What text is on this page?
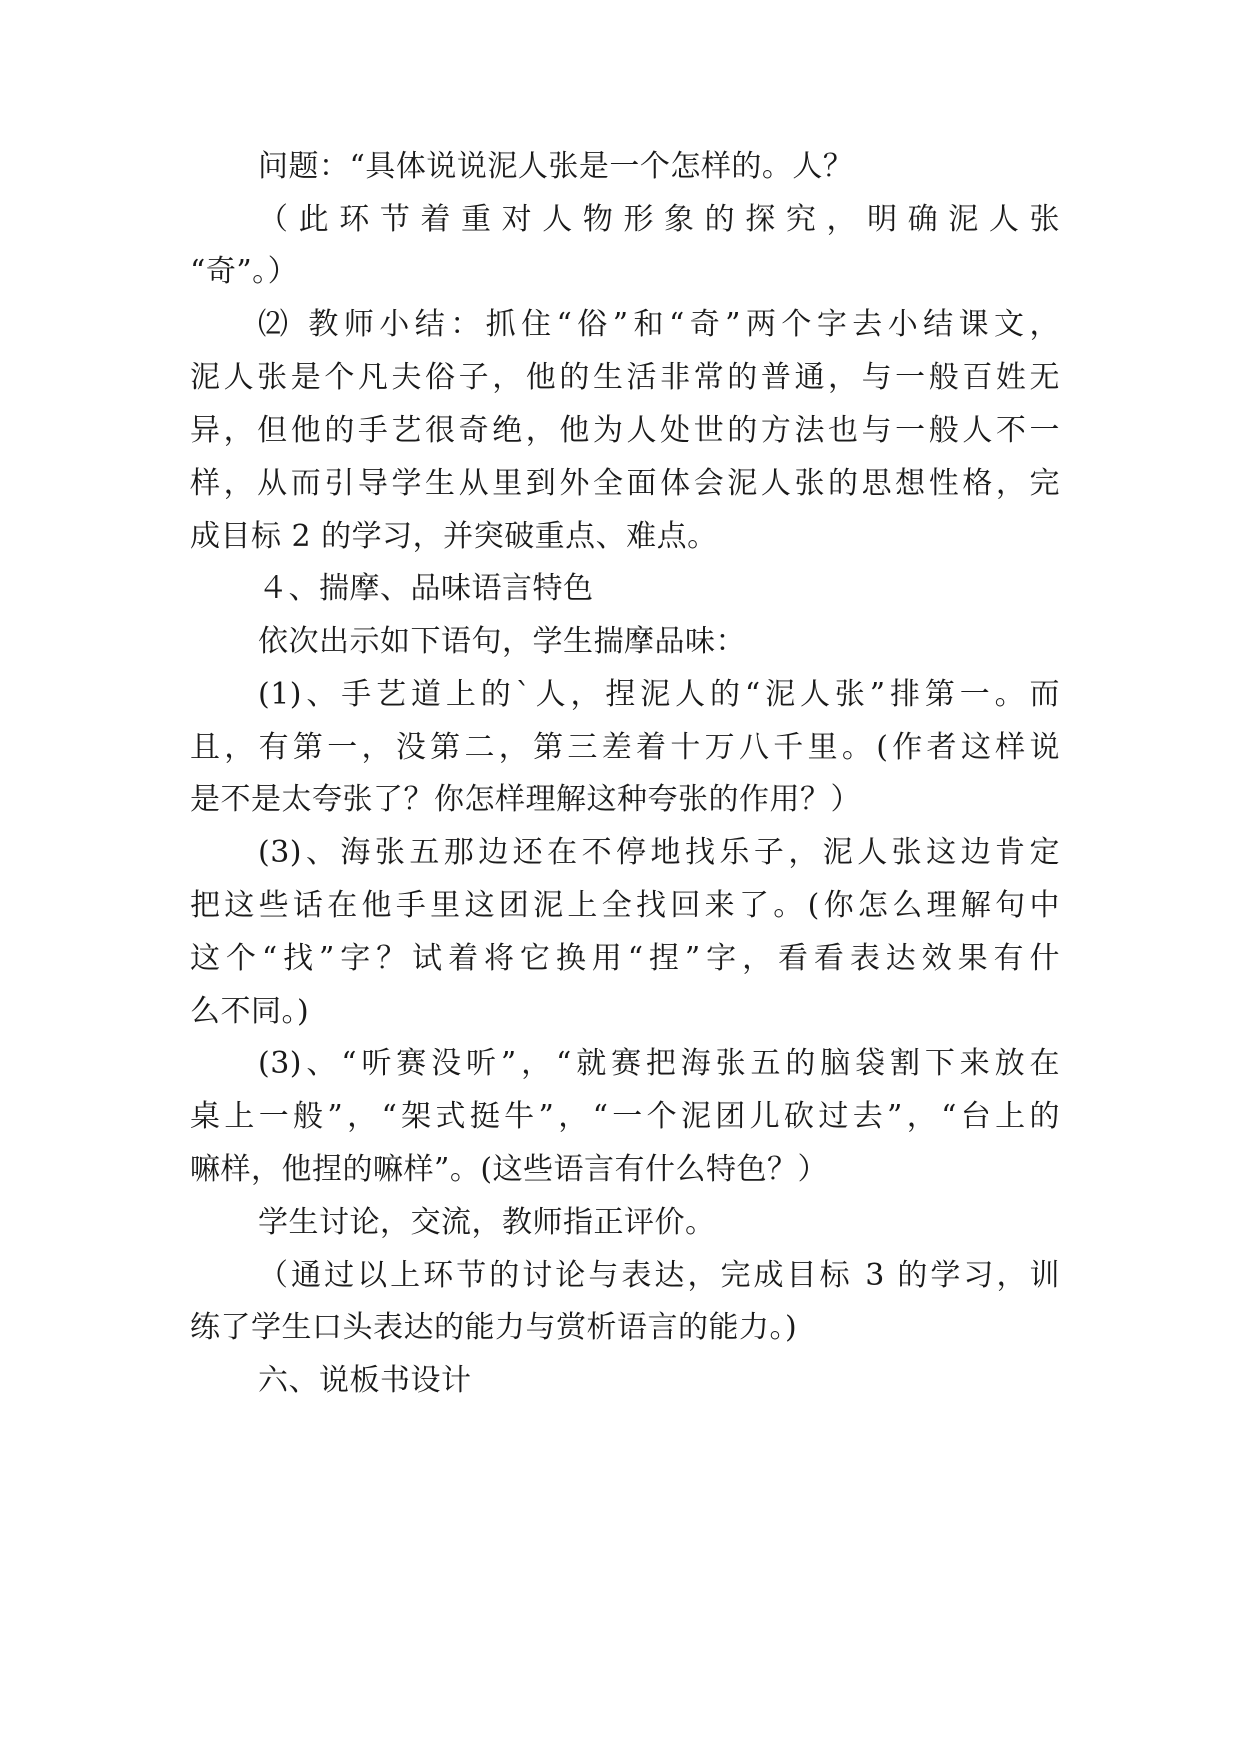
问题：“具体说说泥人张是一个怎样的。人？
（ 此 环 节 着 重 对 人 物 形 象 的 探 究 ， 明 确 泥 人 张
“奇”。）
⑵ 教师小结：抓住“俗”和“奇”两个字去小结课文，
泥人张是个凡夫俗子，他的生活非常的普通，与一般百姓无
异，但他的手艺很奇绝，他为人处世的方法也与一般人不一
样，从而引导学生从里到外全面体会泥人张的思想性格，完
成目标 2 的学习，并突破重点、难点。
４、揣摩、品味语言特色
依次出示如下语句，学生揣摩品味：
(1)、手艺道上的`人，捏泥人的“泥人张”排第一。而
且，有第一，没第二，第三差着十万八千里。(作者这样说
是不是太夸张了？你怎样理解这种夸张的作用？）
(3)、海张五那边还在不停地找乐子，泥人张这边肯定
把这些话在他手里这团泥上全找回来了。(你怎么理解句中
这个“找”字？试着将它换用“捏”字，看看表达效果有什
么不同。)
(3)、“听赛没听”，“就赛把海张五的脑袋割下来放在
桌上一般”，“架式挺牛”，“一个泥团儿砍过去”，“台上的
嘛样，他捏的嘛样”。(这些语言有什么特色？）
学生讨论，交流，教师指正评价。
（通过以上环节的讨论与表达，完成目标 3 的学习，训
练了学生口头表达的能力与赏析语言的能力。)
六、说板书设计
